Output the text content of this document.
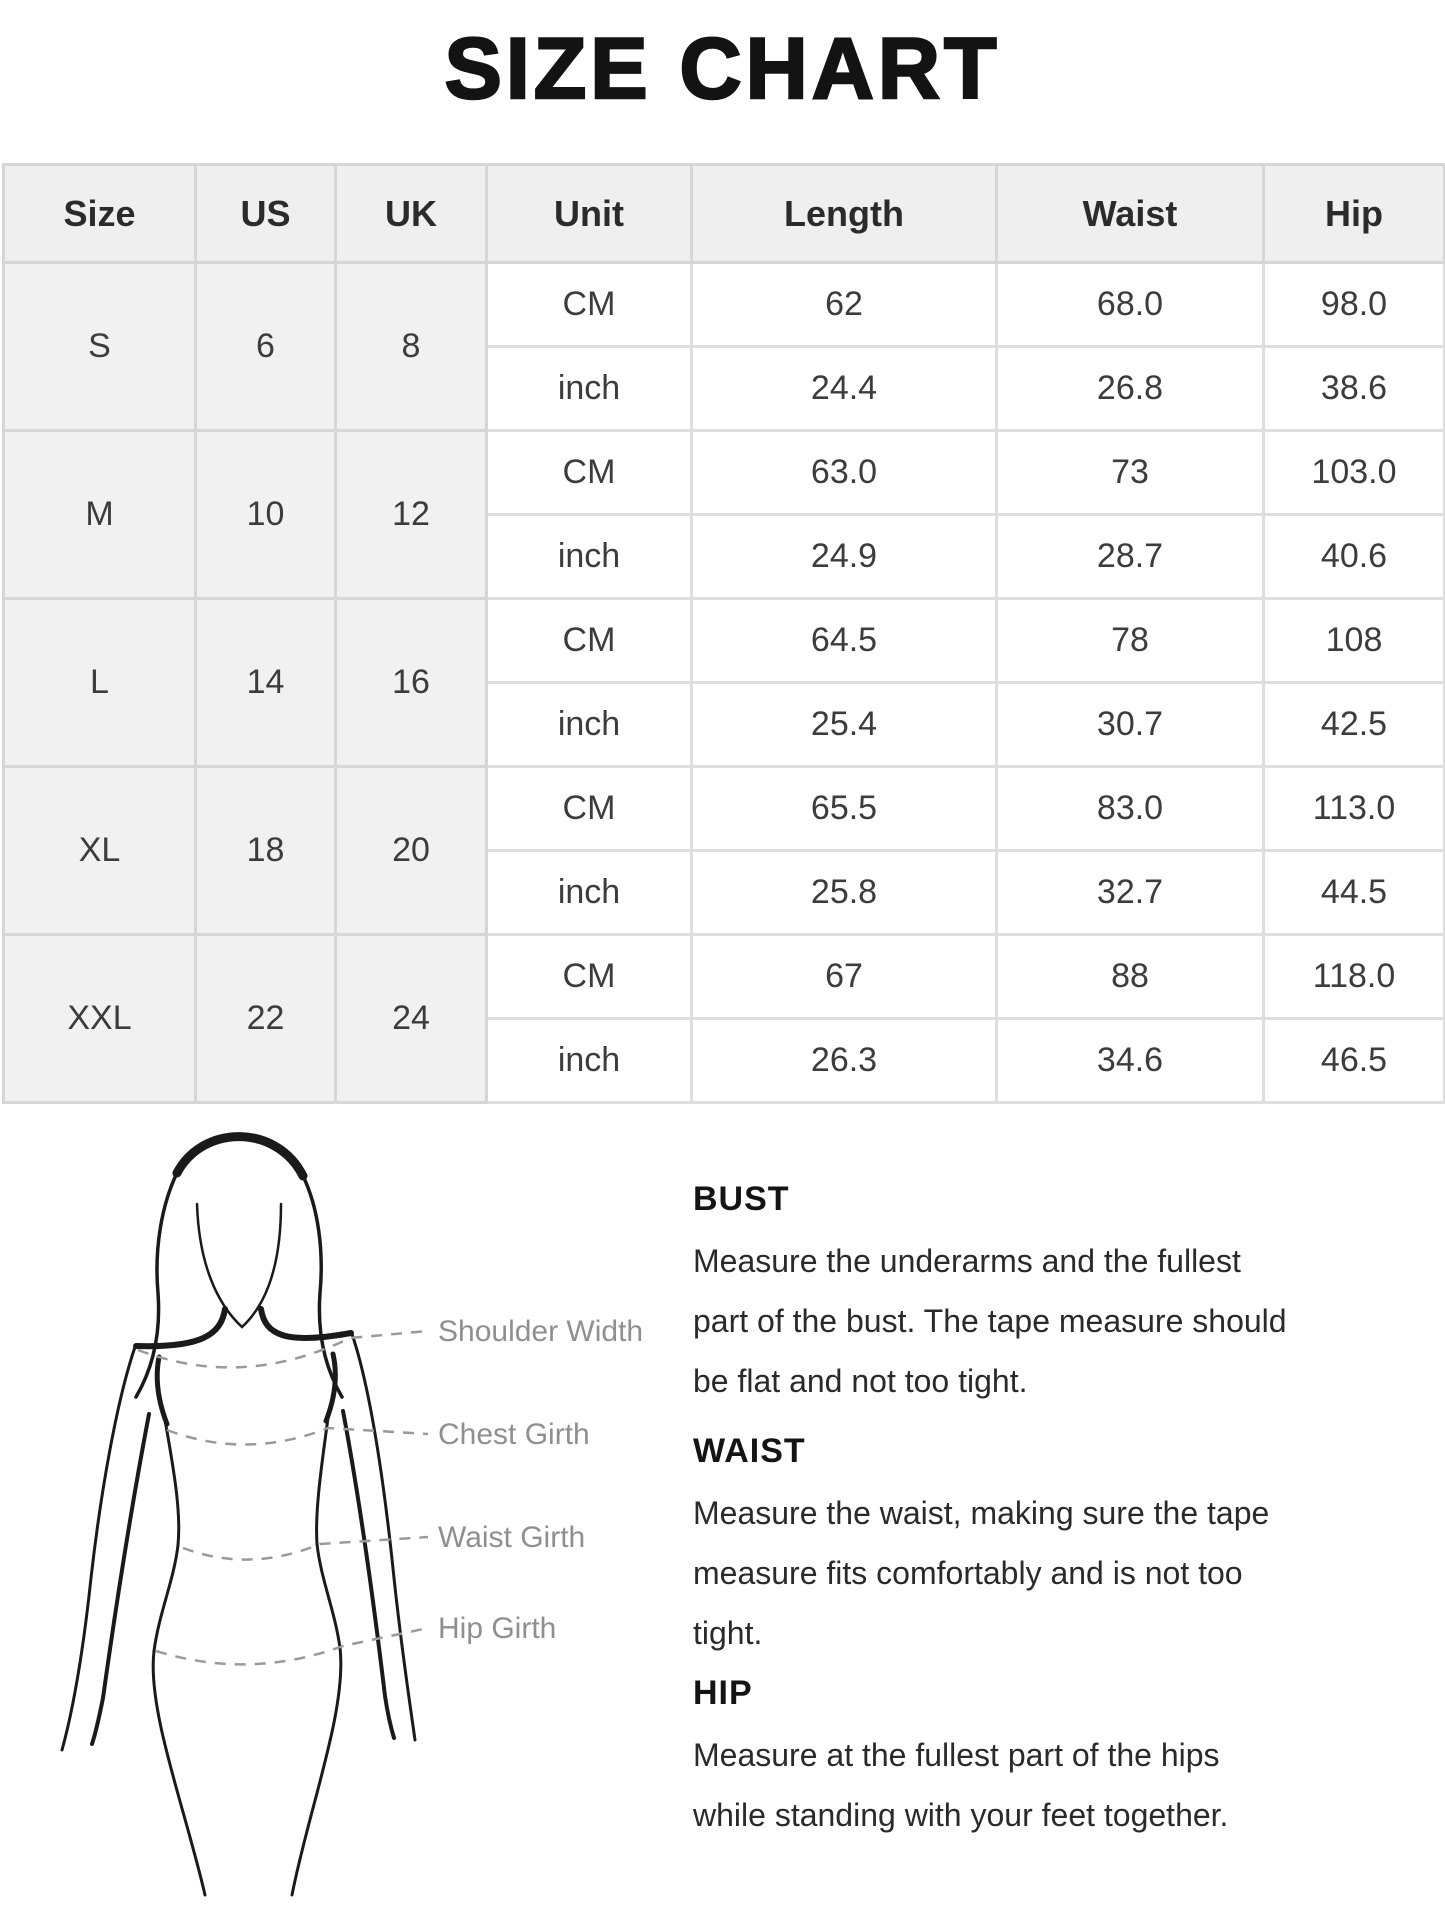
SIZE CHART
Size	US	UK	Unit	Length	Waist	Hip
S	6	8	CM	62	68.0	98.0
			inch	24.4	26.8	38.6
M	10	12	CM	63.0	73	103.0
			inch	24.9	28.7	40.6
L	14	16	CM	64.5	78	108
			inch	25.4	30.7	42.5
XL	18	20	CM	65.5	83.0	113.0
			inch	25.8	32.7	44.5
XXL	22	24	CM	67	88	118.0
			inch	26.3	34.6	46.5
Shoulder Width
Chest Girth
Waist Girth
Hip Girth
BUST
Measure the underarms and the fullest
part of the bust. The tape measure should
be flat and not too tight.
WAIST
Measure the waist, making sure the tape
measure fits comfortably and is not too
tight.
HIP
Measure at the fullest part of the hips
while standing with your feet together.
